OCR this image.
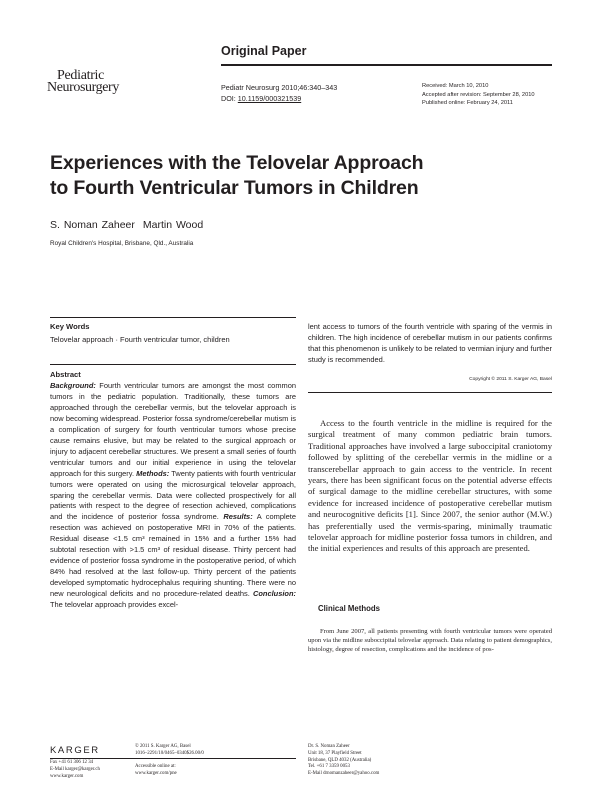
Original Paper
Pediatric
Neurosurgery	Pediatr Neurosurg 2010;46:340–343
DOI: 10.1159/000321539
Received: March 10, 2010
Accepted after revision: September 28, 2010
Published online: February 24, 2011
Experiences with the Telovelar Approach
to Fourth Ventricular Tumors in Children
S. Noman Zaheer Martin Wood
Royal Children's Hospital, Brisbane, Qld., Australia
Key Words
Telovelar approach · Fourth ventricular tumor, children
Abstract
Background: Fourth ventricular tumors are amongst the most common tumors in the pediatric population. Traditionally, these tumors are approached through the cerebellar vermis, but the telovelar approach is now becoming widespread. Posterior fossa syndrome/cerebellar mutism is a complication of surgery for fourth ventricular tumors whose precise cause remains elusive, but may be related to the surgical approach or injury to adjacent cerebellar structures. We present a small series of fourth ventricular tumors and our initial experience in using the telovelar approach for this surgery. Methods: Twenty patients with fourth ventricular tumors were operated on using the microsurgical telovelar approach, sparing the cerebellar vermis. Data were collected prospectively for all patients with respect to the degree of resection achieved, complications and the incidence of posterior fossa syndrome. Results: A complete resection was achieved on postoperative MRI in 70% of the patients. Residual disease <1.5 cm³ remained in 15% and a further 15% had subtotal resection with >1.5 cm³ of residual disease. Thirty percent had evidence of posterior fossa syndrome in the postoperative period, of which 84% had resolved at the last follow-up. Thirty percent of the patients developed symptomatic hydrocephalus requiring shunting. There were no new neurological deficits and no procedure-related deaths. Conclusion: The telovelar approach provides excel-
lent access to tumors of the fourth ventricle with sparing of the vermis in children. The high incidence of cerebellar mutism in our patients confirms that this phenomenon is unlikely to be related to vermian injury and further study is recommended.
Copyright © 2011 S. Karger AG, Basel
Access to the fourth ventricle in the midline is required for the surgical treatment of many common pediatric brain tumors. Traditional approaches have involved a large suboccipital craniotomy followed by splitting of the cerebellar vermis in the midline or a transcerebellar approach to gain access to the ventricle. In recent years, there has been significant focus on the potential adverse effects of surgical damage to the midline cerebellar structures, with some evidence for increased incidence of postoperative cerebellar mutism and neurocognitive deficits [1]. Since 2007, the senior author (M.W.) has preferentially used the vermis-sparing, minimally traumatic telovelar approach for midline posterior fossa tumors in children, and the initial experiences and results of this approach are presented.
Clinical Methods
From June 2007, all patients presenting with fourth ventricular tumors were operated upon via the midline suboccipital telovelar approach. Data relating to patient demographics, histology, degree of resection, complications and the incidence of pos-
KARGER
Fax +41 61 306 12 34
E-Mail karger@karger.ch
www.karger.com
© 2011 S. Karger AG, Basel
1016–2291/10/0465–0340$26.00/0
Accessible online at:
www.karger.com/pne
Dr. S. Noman Zaheer
Unit 18, 37 Playfield Street
Brisbane, QLD 4032 (Australia)
Tel. +61 7 3359 0053
E-Mail drnomanzaheer@yahoo.com
